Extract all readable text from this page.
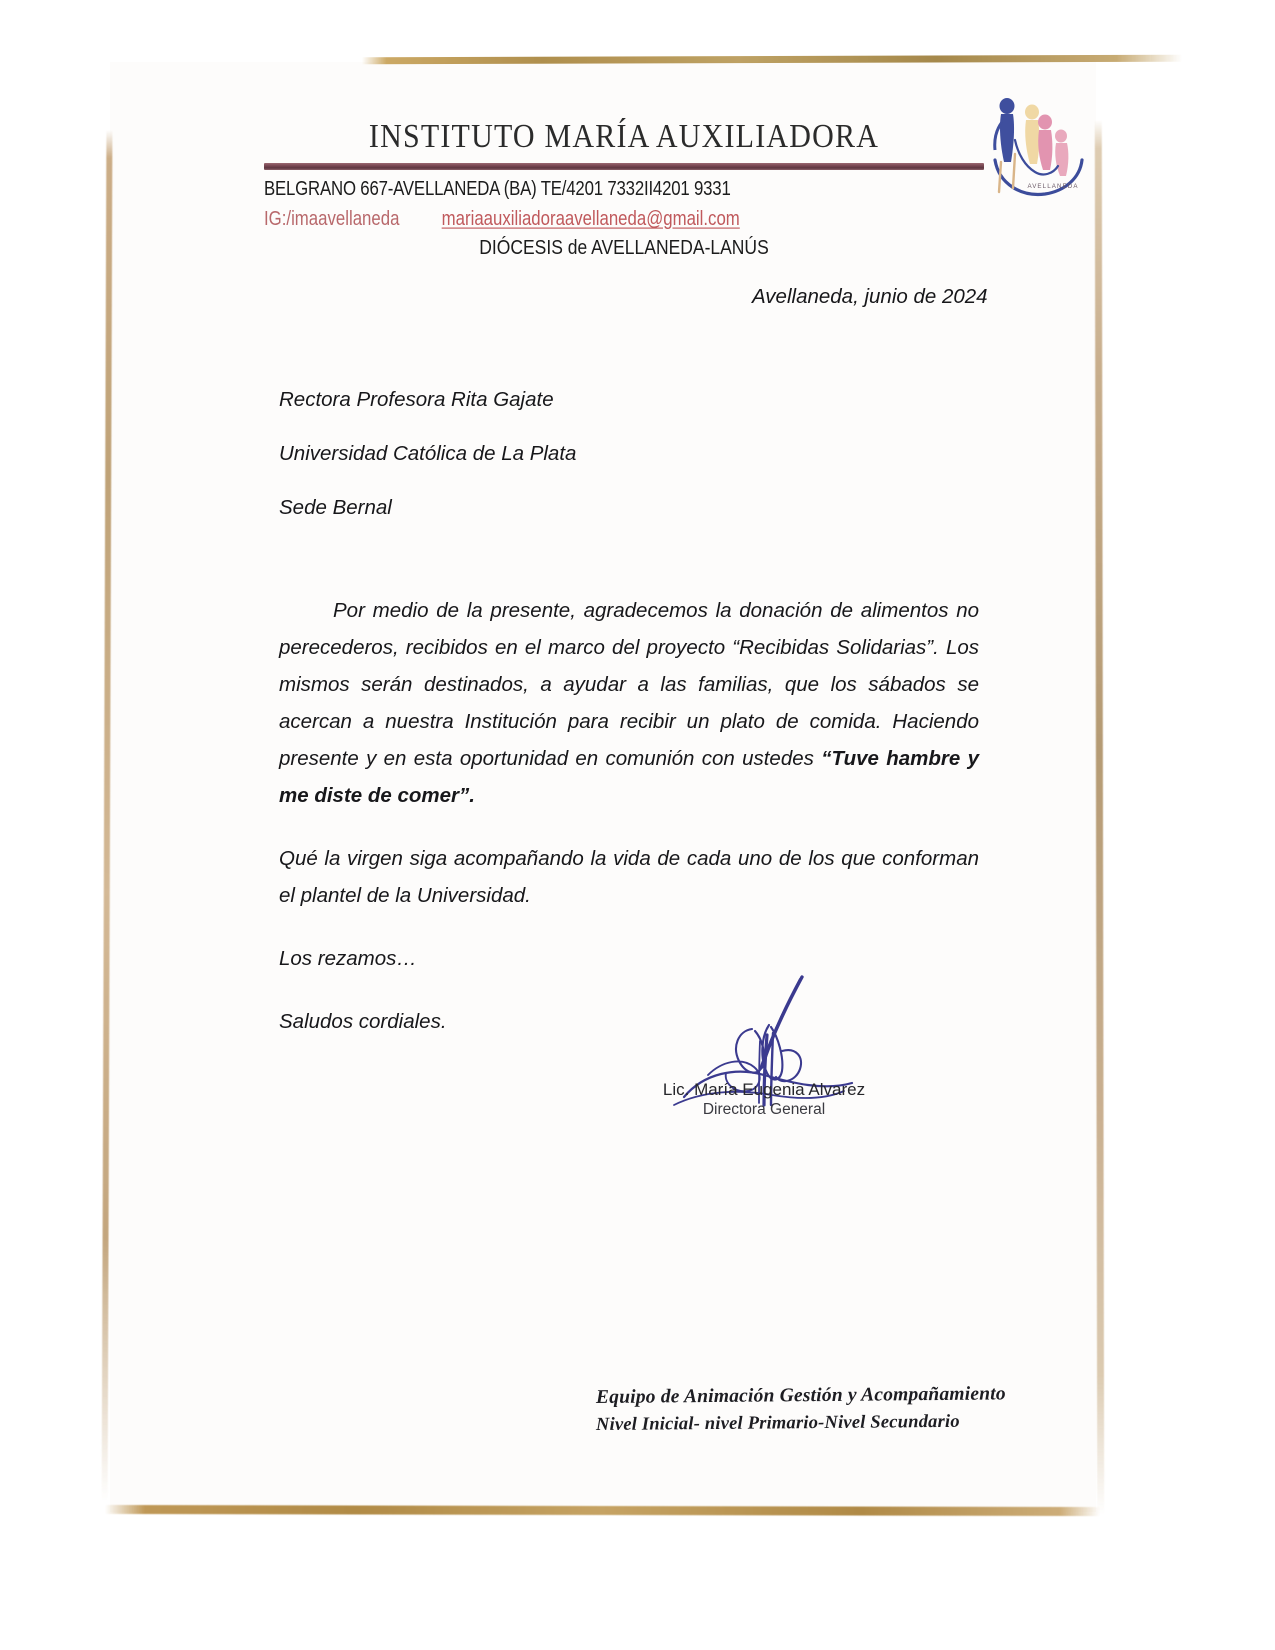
INSTITUTO MARÍA AUXILIADORA
BELGRANO 667-AVELLANEDA (BA) TE/4201 7332II4201 9331
IG:/imaavellaneda mariaauxiliadoraavellaneda@gmail.com
DIÓCESIS de AVELLANEDA-LANÚS
AVELLANEDA
Avellaneda, junio de 2024
Rectora Profesora Rita Gajate
Universidad Católica de La Plata
Sede Bernal

Por medio de la presente, agradecemos la donación de alimentos no perecederos, recibidos en el marco del proyecto “Recibidas Solidarias”. Los mismos serán destinados, a ayudar a las familias, que los sábados se acercan a nuestra Institución para recibir un plato de comida. Haciendo presente y en esta oportunidad en comunión con ustedes “Tuve hambre y me diste de comer”.

Qué la virgen siga acompañando la vida de cada uno de los que conforman el plantel de la Universidad.

Los rezamos…

Saludos cordiales.

Lic. María Eugenia Alvarez
Directora General
Equipo de Animación Gestión y Acompañamiento
Nivel Inicial- nivel Primario-Nivel Secundario
